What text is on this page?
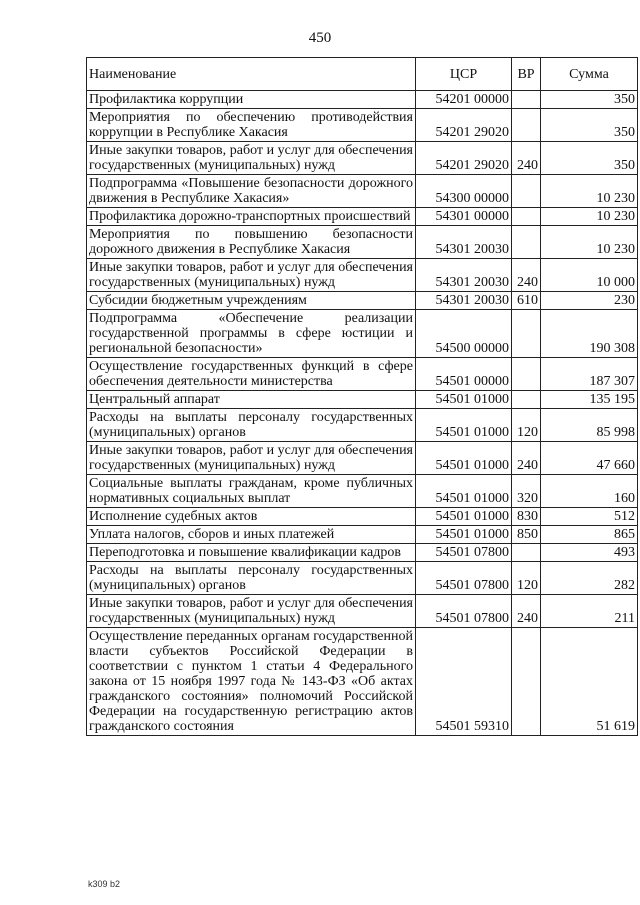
450
Наименование	ЦСР	ВР	Сумма
Профилактика коррупции	54201 00000		350
Мероприятия по обеспечению противодействия коррупции в Республике Хакасия	54201 29020		350
Иные закупки товаров, работ и услуг для обеспечения государственных (муниципальных) нужд	54201 29020	240	350
Подпрограмма «Повышение безопасности дорожного движения в Республике Хакасия»	54300 00000		10 230
Профилактика дорожно-транспортных происшествий	54301 00000		10 230
Мероприятия по повышению безопасности дорожного движения в Республике Хакасия	54301 20030		10 230
Иные закупки товаров, работ и услуг для обеспечения государственных (муниципальных) нужд	54301 20030	240	10 000
Субсидии бюджетным учреждениям	54301 20030	610	230
Подпрограмма «Обеспечение реализации государственной программы в сфере юстиции и региональной безопасности»	54500 00000		190 308
Осуществление государственных функций в сфере обеспечения деятельности министерства	54501 00000		187 307
Центральный аппарат	54501 01000		135 195
Расходы на выплаты персоналу государственных (муниципальных) органов	54501 01000	120	85 998
Иные закупки товаров, работ и услуг для обеспечения государственных (муниципальных) нужд	54501 01000	240	47 660
Социальные выплаты гражданам, кроме публичных нормативных социальных выплат	54501 01000	320	160
Исполнение судебных актов	54501 01000	830	512
Уплата налогов, сборов и иных платежей	54501 01000	850	865
Переподготовка и повышение квалификации кадров	54501 07800		493
Расходы на выплаты персоналу государственных (муниципальных) органов	54501 07800	120	282
Иные закупки товаров, работ и услуг для обеспечения государственных (муниципальных) нужд	54501 07800	240	211
Осуществление переданных органам государственной власти субъектов Российской Федерации в соответствии с пунктом 1 статьи 4 Федерального закона от 15 ноября 1997 года № 143-ФЗ «Об актах гражданского состояния» полномочий Российской Федерации на государственную регистрацию актов гражданского состояния	54501 59310		51 619
k309 b2
